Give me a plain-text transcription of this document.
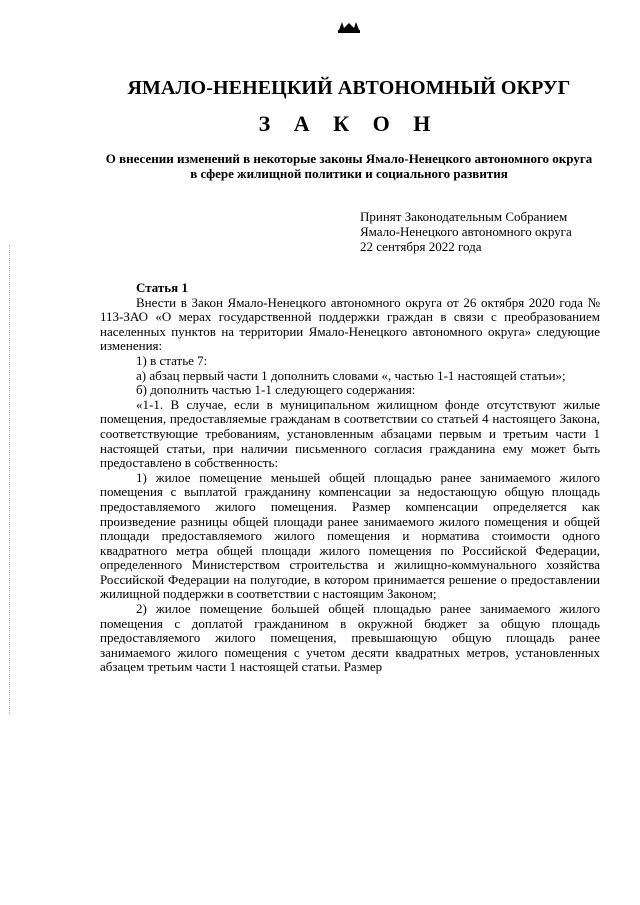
ЯМАЛО-НЕНЕЦКИЙ АВТОНОМНЫЙ ОКРУГ
З А К О Н
О внесении изменений в некоторые законы Ямало-Ненецкого автономного округа в сфере жилищной политики и социального развития
Принят Законодательным Собранием
Ямало-Ненецкого автономного округа
22 сентября 2022 года

Статья 1

Внести в Закон Ямало-Ненецкого автономного округа от 26 октября 2020 года № 113-ЗАО «О мерах государственной поддержки граждан в связи с преобразованием населенных пунктов на территории Ямало-Ненецкого автономного округа» следующие изменения:

1) в статье 7:

а) абзац первый части 1 дополнить словами «, частью 1-1 настоящей статьи»;

б) дополнить частью 1-1 следующего содержания:

«1-1. В случае, если в муниципальном жилищном фонде отсутствуют жилые помещения, предоставляемые гражданам в соответствии со статьей 4 настоящего Закона, соответствующие требованиям, установленным абзацами первым и третьим части 1 настоящей статьи, при наличии письменного согласия гражданина ему может быть предоставлено в собственность:

1) жилое помещение меньшей общей площадью ранее занимаемого жилого помещения с выплатой гражданину компенсации за недостающую общую площадь предоставляемого жилого помещения. Размер компенсации определяется как произведение разницы общей площади ранее занимаемого жилого помещения и общей площади предоставляемого жилого помещения и норматива стоимости одного квадратного метра общей площади жилого помещения по Российской Федерации, определенного Министерством строительства и жилищно-коммунального хозяйства Российской Федерации на полугодие, в котором принимается решение о предоставлении жилищной поддержки в соответствии с настоящим Законом;

2) жилое помещение большей общей площадью ранее занимаемого жилого помещения с доплатой гражданином в окружной бюджет за общую площадь предоставляемого жилого помещения, превышающую общую площадь ранее занимаемого жилого помещения с учетом десяти квадратных метров, установленных абзацем третьим части 1 настоящей статьи. Размер
